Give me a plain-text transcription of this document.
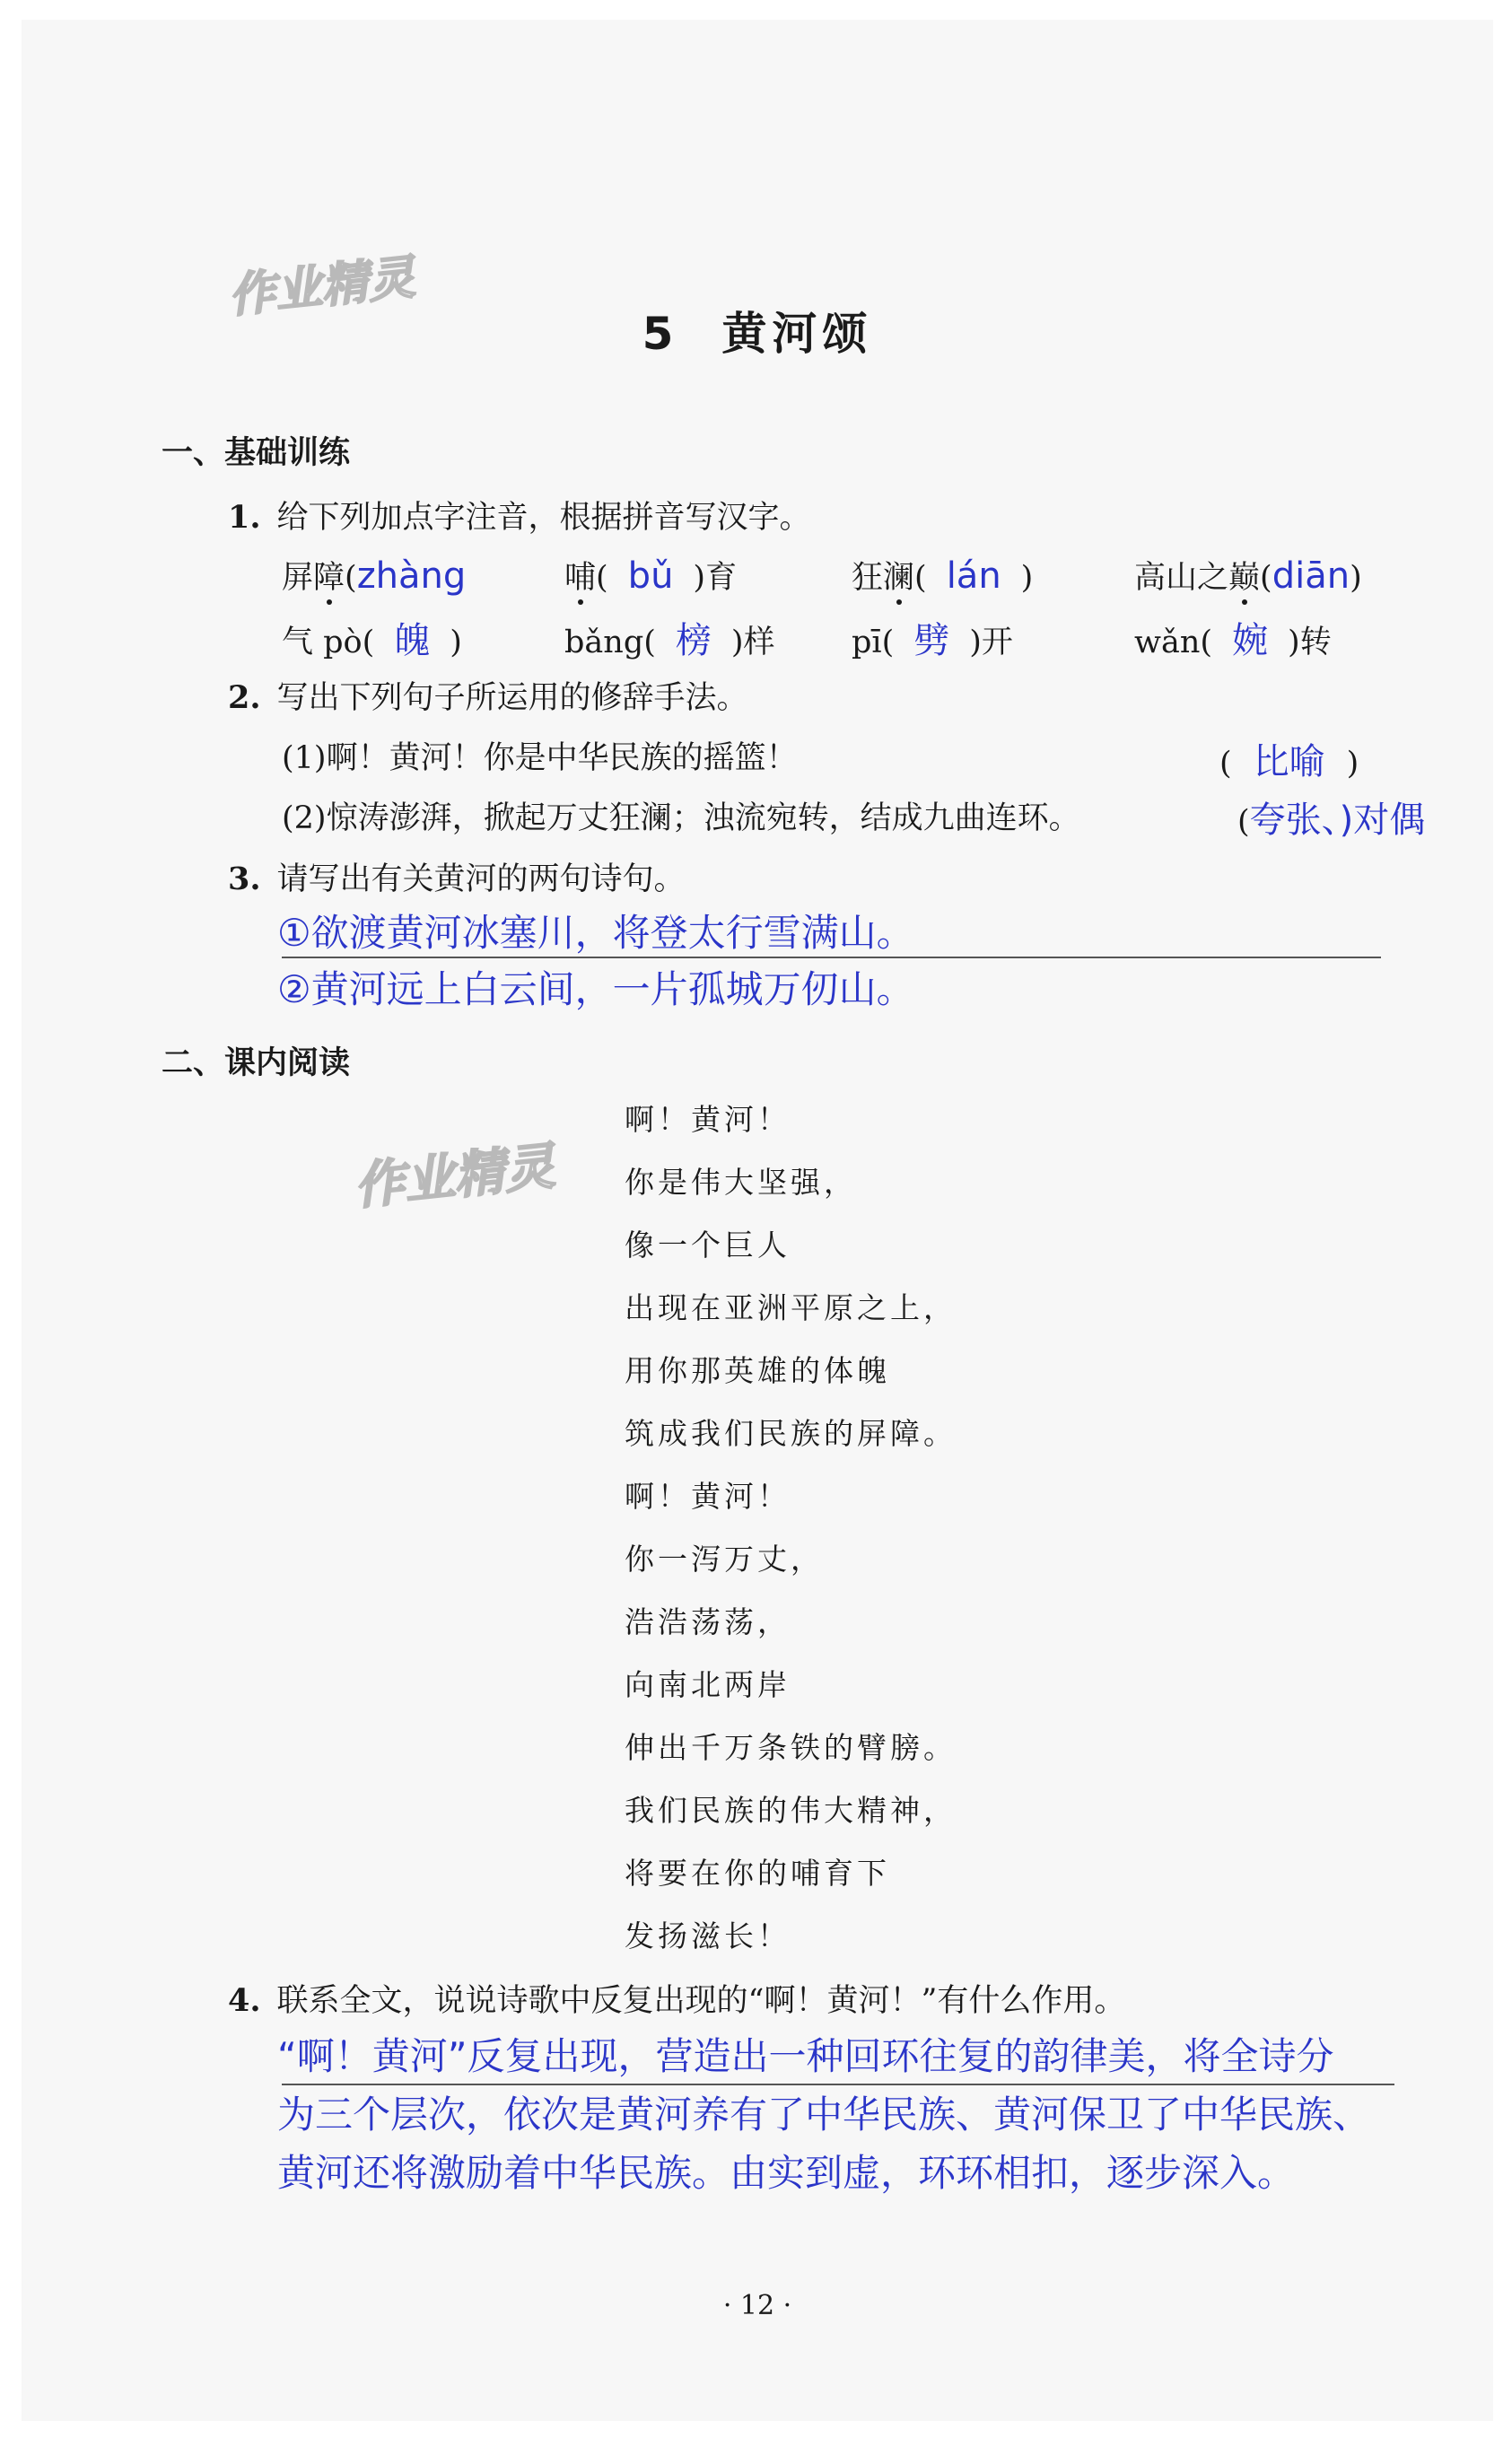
作业精灵
作业精灵
5 黄河颂
一、基础训练
1. 给下列加点字注音，根据拼音写汉字。
屏障(zhàng	哺( bǔ )育	狂澜( lán )	高山之巅(diān)
气 pò( 魄 )	bǎng( 榜 )样 pī( 劈 )开	wǎn( 婉 )转
2. 写出下列句子所运用的修辞手法。
(1)啊！黄河！你是中华民族的摇篮！	( 比喻 )
(2)惊涛澎湃，掀起万丈狂澜；浊流宛转，结成九曲连环。	(夸张、)对偶
3. 请写出有关黄河的两句诗句。
①欲渡黄河冰塞川，将登太行雪满山。
②黄河远上白云间，一片孤城万仞山。
二、课内阅读
啊！黄河！
你是伟大坚强，
像一个巨人
出现在亚洲平原之上，
用你那英雄的体魄
筑成我们民族的屏障。
啊！黄河！
你一泻万丈，
浩浩荡荡，
向南北两岸
伸出千万条铁的臂膀。
我们民族的伟大精神，
将要在你的哺育下
发扬滋长！
4. 联系全文，说说诗歌中反复出现的“啊！黄河！”有什么作用。
“啊！黄河”反复出现，营造出一种回环往复的韵律美，将全诗分
为三个层次，依次是黄河养有了中华民族、黄河保卫了中华民族、
黄河还将激励着中华民族。由实到虚，环环相扣，逐步深入。
· 12 ·
